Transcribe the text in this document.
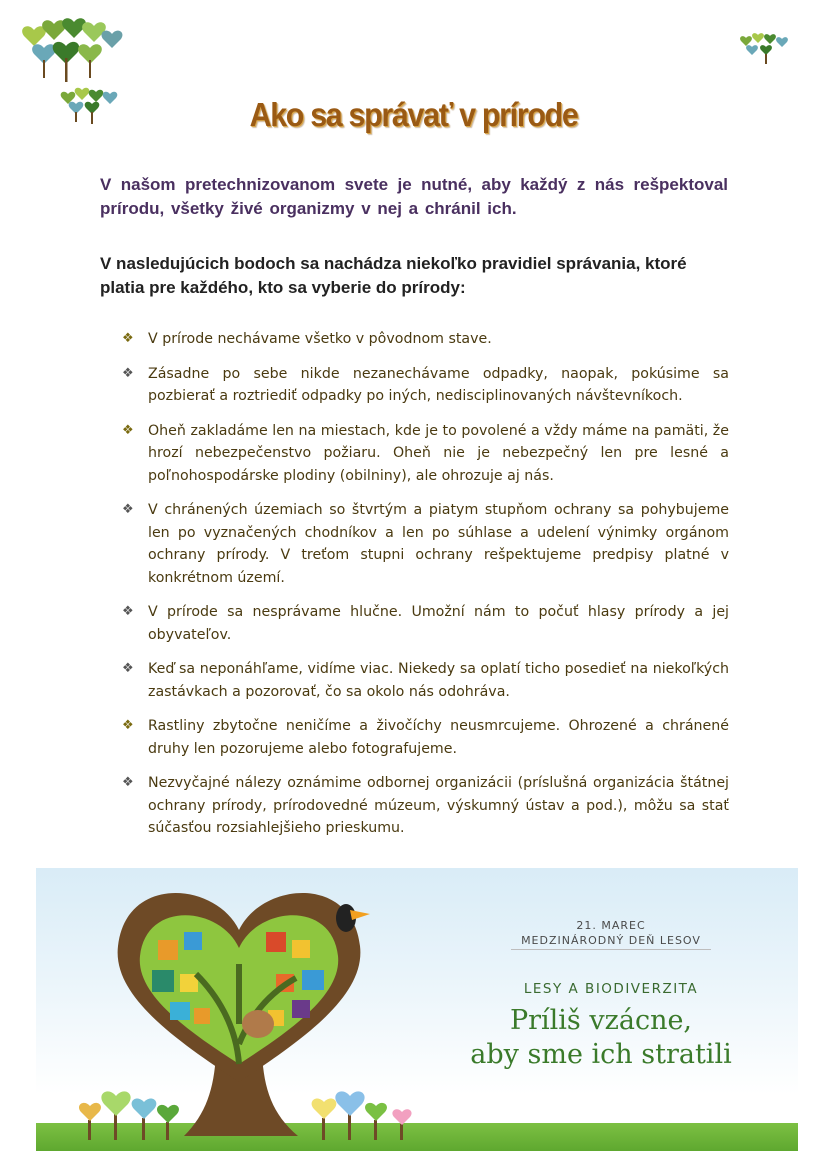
Ako sa správať v prírode
V našom pretechnizovanom svete je nutné, aby každý z nás rešpektoval prírodu, všetky živé organizmy v nej a chránil ich.
V nasledujúcich bodoch sa nachádza niekoľko pravidiel správania, ktoré platia pre každého, kto sa vyberie do prírody:
❖ V prírode nechávame všetko v pôvodnom stave.
❖ Zásadne po sebe nikde nezanechávame odpadky, naopak, pokúsime sa pozbierať a roztriediť odpadky po iných, nedisciplinovaných návštevníkoch.
❖ Oheň zakladáme len na miestach, kde je to povolené a vždy máme na pamäti, že hrozí nebezpečenstvo požiaru. Oheň nie je nebezpečný len pre lesné a poľnohospodárske plodiny (obilniny), ale ohrozuje aj nás.
❖ V chránených územiach so štvrtým a piatym stupňom ochrany sa pohybujeme len po vyznačených chodníkov a len po súhlase a udelení výnimky orgánom ochrany prírody. V treťom stupni ochrany rešpektujeme predpisy platné v konkrétnom území.
❖ V prírode sa nesprávame hlučne. Umožní nám to počuť hlasy prírody a jej obyvateľov.
❖ Keď sa neponáhľame, vidíme viac. Niekedy sa oplatí ticho posedieť na niekoľkých zastávkach a pozorovať, čo sa okolo nás odohráva.
❖ Rastliny zbytočne neničíme a živočíchy neusmrcujeme. Ohrozené a chránené druhy len pozorujeme alebo fotografujeme.
❖ Nezvyčajné nálezy oznámime odbornej organizácii (príslušná organizácia štátnej ochrany prírody, prírodovedné múzeum, výskumný ústav a pod.), môžu sa stať súčasťou rozsiahlejšieho prieskumu.
21. MAREC
MEDZINÁRODNÝ DEŇ LESOV
LESY A BIODIVERZITA
Príliš vzácne,
aby sme ich stratili
